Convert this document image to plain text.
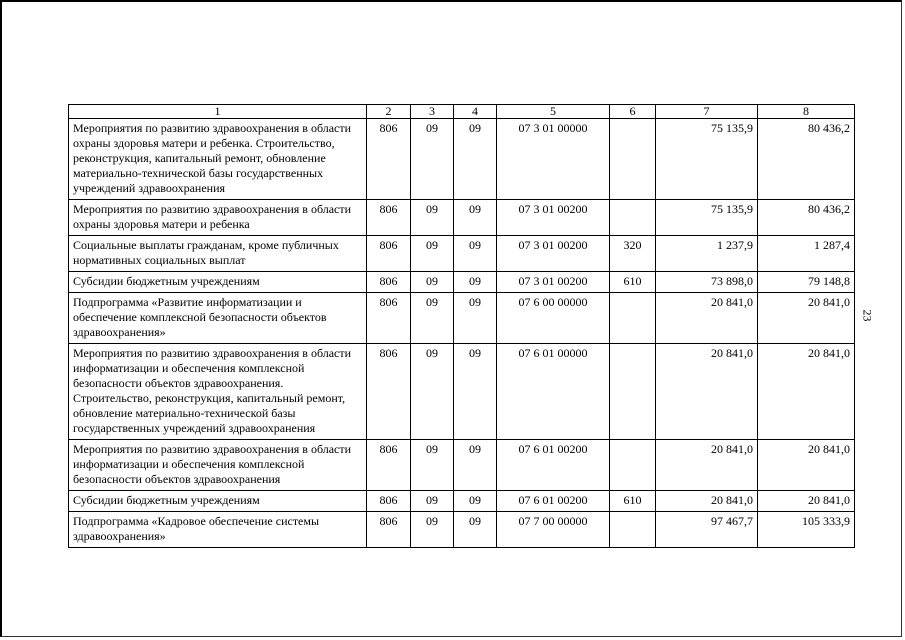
1	2	3	4	5	6	7	8
Мероприятия по развитию здравоохранения в области охраны здоровья матери и ребенка. Строительство, реконструкция, капитальный ремонт, обновление материально-технической базы государственных учреждений здравоохранения	806	09	09	07 3 01 00000		75 135,9	80 436,2
Мероприятия по развитию здравоохранения в области охраны здоровья матери и ребенка	806	09	09	07 3 01 00200		75 135,9	80 436,2
Социальные выплаты гражданам, кроме публичных нормативных социальных выплат	806	09	09	07 3 01 00200	320	1 237,9	1 287,4
Субсидии бюджетным учреждениям	806	09	09	07 3 01 00200	610	73 898,0	79 148,8
Подпрограмма «Развитие информатизации и обеспечение комплексной безопасности объектов здравоохранения»	806	09	09	07 6 00 00000		20 841,0	20 841,0
Мероприятия по развитию здравоохранения в области информатизации и обеспечения комплексной безопасности объектов здравоохранения. Строительство, реконструкция, капитальный ремонт, обновление материально-технической базы государственных учреждений здравоохранения	806	09	09	07 6 01 00000		20 841,0	20 841,0
Мероприятия по развитию здравоохранения в области информатизации и обеспечения комплексной безопасности объектов здравоохранения	806	09	09	07 6 01 00200		20 841,0	20 841,0
Субсидии бюджетным учреждениям	806	09	09	07 6 01 00200	610	20 841,0	20 841,0
Подпрограмма «Кадровое обеспечение системы здравоохранения»	806	09	09	07 7 00 00000		97 467,7	105 333,9
23
